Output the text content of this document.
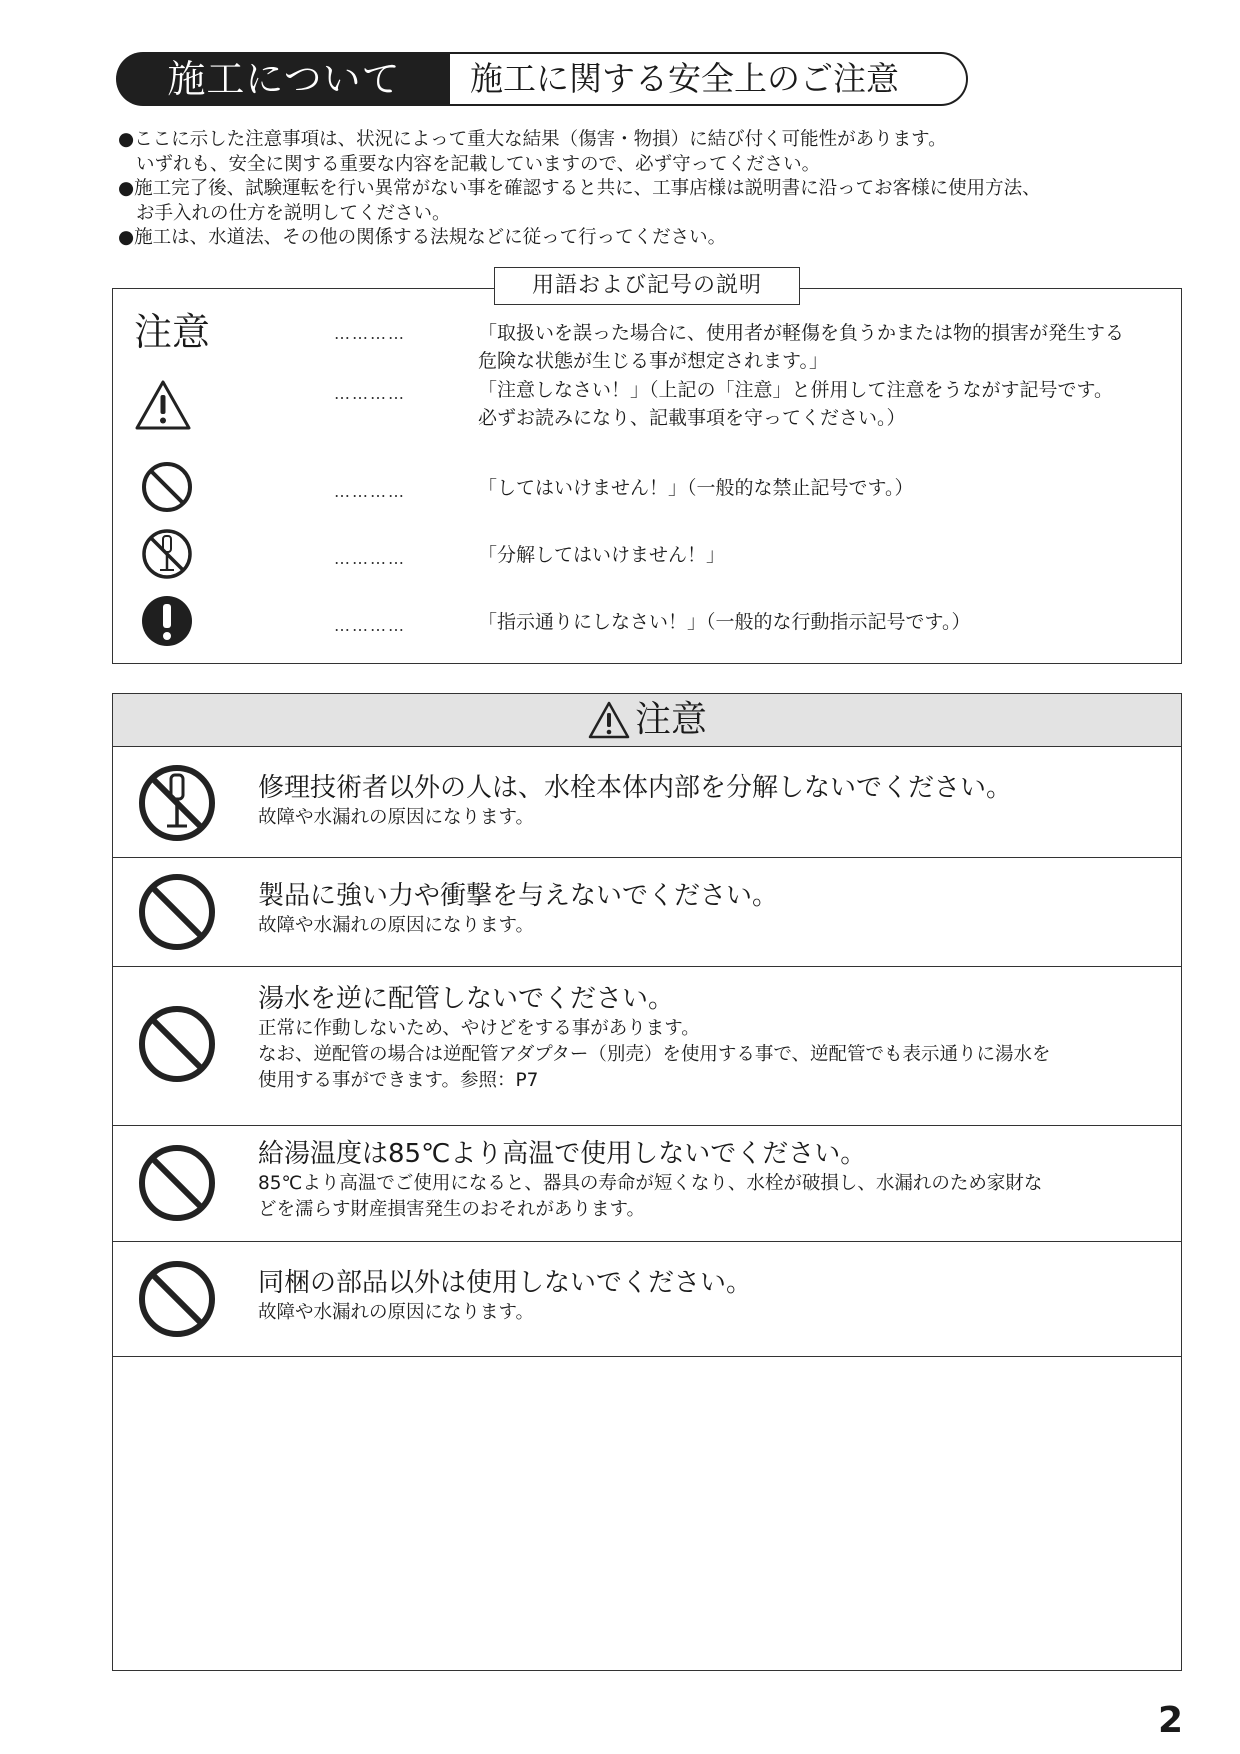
施工について	施工に関する安全上のご注意
● ここに示した注意事項は、状況によって重大な結果（傷害・物損）に結び付く可能性があります。
いずれも、安全に関する重要な内容を記載していますので、必ず守ってください。
● 施工完了後、試験運転を行い異常がない事を確認すると共に、工事店様は説明書に沿ってお客様に使用方法、
お手入れの仕方を説明してください。
● 施工は、水道法、その他の関係する法規などに従って行ってください。
用語および記号の説明
注意	…………	「取扱いを誤った場合に、使用者が軽傷を負うかまたは物的損害が発生する
危険な状態が生じる事が想定されます。」
…………	「注意しなさい！」（上記の「注意」と併用して注意をうながす記号です。
必ずお読みになり、記載事項を守ってください。）
…………	「してはいけません！」（一般的な禁止記号です。）
…………	「分解してはいけません！」
…………	「指示通りにしなさい！」（一般的な行動指示記号です。）
注意
修理技術者以外の人は、水栓本体内部を分解しないでください。
故障や水漏れの原因になります。
製品に強い力や衝撃を与えないでください。
故障や水漏れの原因になります。
湯水を逆に配管しないでください。
正常に作動しないため、やけどをする事があります。
なお、逆配管の場合は逆配管アダプター（別売）を使用する事で、逆配管でも表示通りに湯水を
使用する事ができます。参照：P7
給湯温度は85℃より高温で使用しないでください。
85℃より高温でご使用になると、器具の寿命が短くなり、水栓が破損し、水漏れのため家財な
どを濡らす財産損害発生のおそれがあります。
同梱の部品以外は使用しないでください。
故障や水漏れの原因になります。
2
